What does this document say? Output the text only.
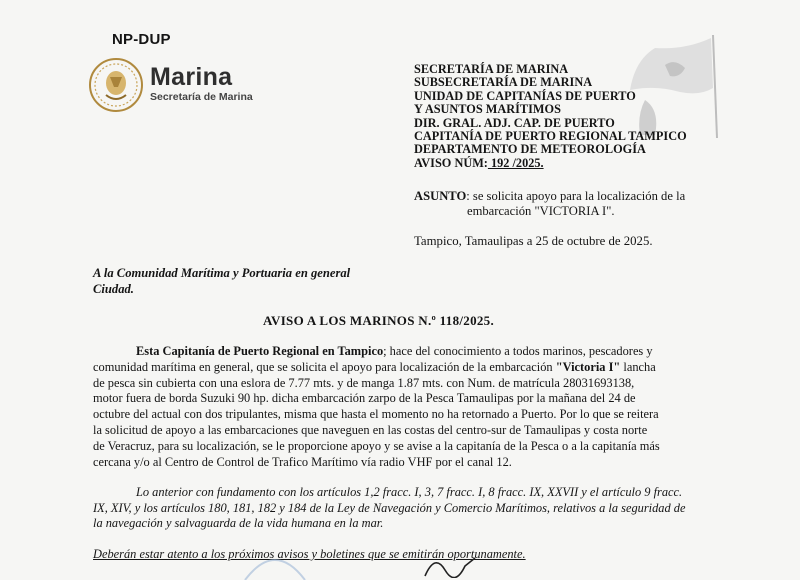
NP-DUP
Marina
Secretaría de Marina
SECRETARÍA DE MARINA
SUBSECRETARÍA DE MARINA
UNIDAD DE CAPITANÍAS DE PUERTO
Y ASUNTOS MARÍTIMOS
DIR. GRAL. ADJ. CAP. DE PUERTO
CAPITANÍA DE PUERTO REGIONAL TAMPICO
DEPARTAMENTO DE METEOROLOGÍA
AVISO NÚM: 192 /2025.
ASUNTO: se solicita apoyo para la localización de la
embarcación "VICTORIA I".
Tampico, Tamaulipas a 25 de octubre de 2025.
A la Comunidad Marítima y Portuaria en general
Ciudad.
AVISO A LOS MARINOS N.º 118/2025.
Esta Capitanía de Puerto Regional en Tampico; hace del conocimiento a todos marinos, pescadores y
comunidad marítima en general, que se solicita el apoyo para localización de la embarcación "Victoria I" lancha
de pesca sin cubierta con una eslora de 7.77 mts. y de manga 1.87 mts. con Num. de matrícula 28031693138,
motor fuera de borda Suzuki 90 hp. dicha embarcación zarpo de la Pesca Tamaulipas por la mañana del 24 de
octubre del actual con dos tripulantes, misma que hasta el momento no ha retornado a Puerto. Por lo que se reitera
la solicitud de apoyo a las embarcaciones que naveguen en las costas del centro-sur de Tamaulipas y costa norte
de Veracruz, para su localización, se le proporcione apoyo y se avise a la capitanía de la Pesca o a la capitanía más
cercana y/o al Centro de Control de Trafico Marítimo vía radio VHF por el canal 12.
Lo anterior con fundamento con los artículos 1,2 fracc. I, 3, 7 fracc. I, 8 fracc. IX, XXVII y el artículo 9 fracc.
IX, XIV, y los artículos 180, 181, 182 y 184 de la Ley de Navegación y Comercio Marítimos, relativos a la seguridad de
la navegación y salvaguarda de la vida humana en la mar.
Deberán estar atento a los próximos avisos y boletines que se emitirán oportunamente.
